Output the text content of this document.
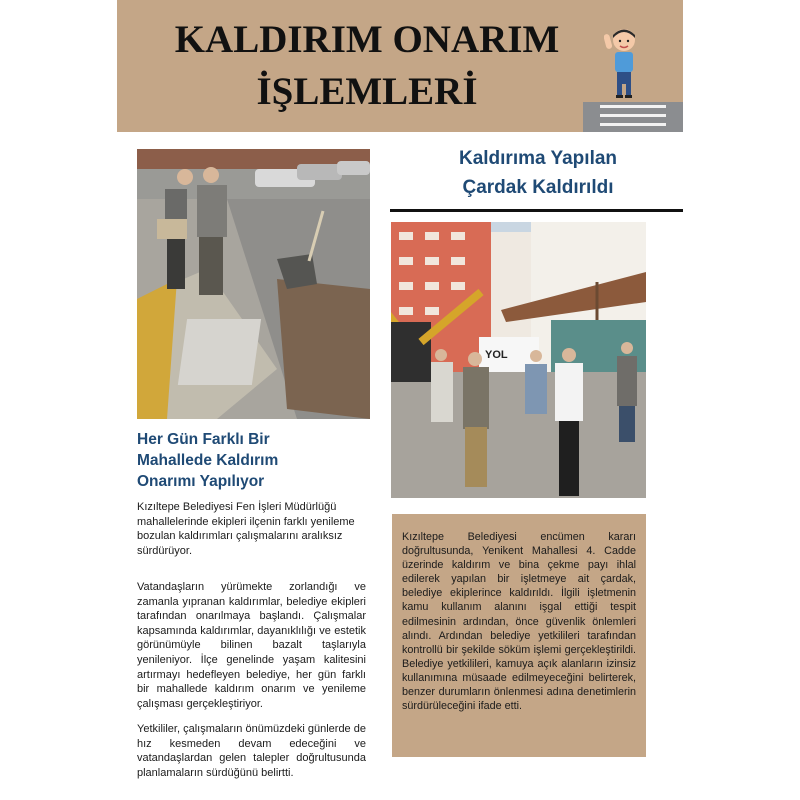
KALDIRIM ONARIM
İŞLEMLERİ
Her Gün Farklı Bir
Mahallede Kaldırım
Onarımı Yapılıyor
Kızıltepe Belediyesi Fen İşleri Müdürlüğü mahallelerinde ekipleri ilçenin farklı yenileme bozulan kaldırımları çalışmalarını aralıksız sürdürüyor.
Vatandaşların yürümekte zorlandığı ve zamanla yıpranan kaldırımlar, belediye ekipleri tarafından onarılmaya başlandı. Çalışmalar kapsamında kaldırımlar, dayanıklılığı ve estetik görünümüyle bilinen bazalt taşlarıyla yenileniyor. İlçe genelinde yaşam kalitesini artırmayı hedefleyen belediye, her gün farklı bir mahallede kaldırım onarım ve yenileme çalışması gerçekleştiriyor.
Yetkililer, çalışmaların önümüzdeki günlerde de hız kesmeden devam edeceğini ve vatandaşlardan gelen talepler doğrultusunda planlamaların sürdüğünü belirtti.
Kaldırıma Yapılan
Çardak Kaldırıldı
YOL
Kızıltepe Belediyesi encümen kararı doğrultusunda, Yenikent Mahallesi 4. Cadde üzerinde kaldırım ve bina çekme payı ihlal edilerek yapılan bir işletmeye ait çardak, belediye ekiplerince kaldırıldı. İlgili işletmenin kamu kullanım alanını işgal ettiği tespit edilmesinin ardından, önce güvenlik önlemleri alındı. Ardından belediye yetkilileri tarafından kontrollü bir şekilde söküm işlemi gerçekleştirildi. Belediye yetkilileri, kamuya açık alanların izinsiz kullanımına müsaade edilmeyeceğini belirterek, benzer durumların önlenmesi adına denetimlerin sürdürüleceğini ifade etti.
